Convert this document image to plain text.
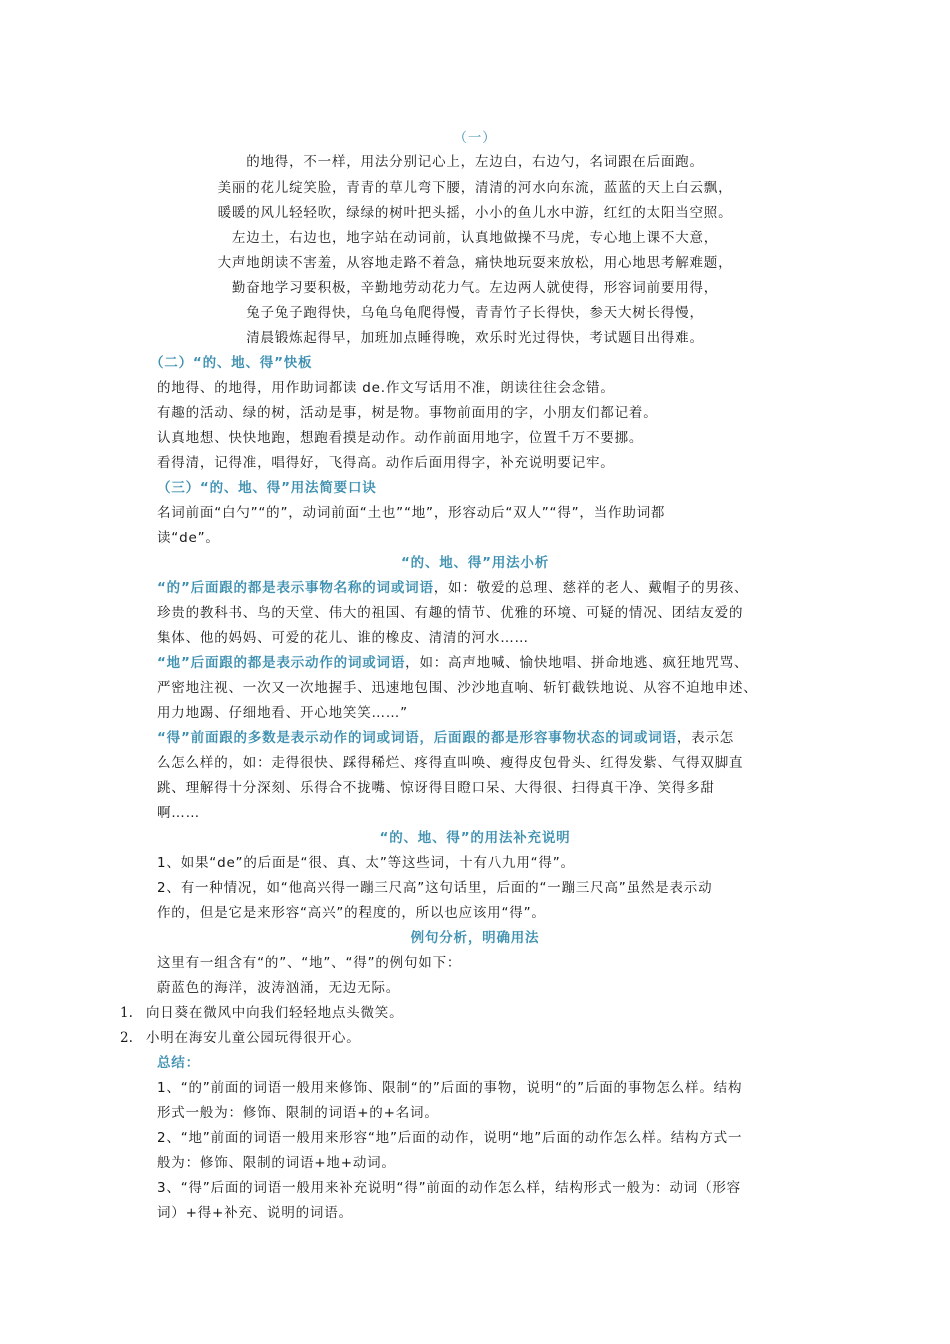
（一）
的地得，不一样，用法分别记心上，左边白，右边勺，名词跟在后面跑。
美丽的花儿绽笑脸，青青的草儿弯下腰，清清的河水向东流，蓝蓝的天上白云飘，
暖暖的风儿轻轻吹，绿绿的树叶把头摇，小小的鱼儿水中游，红红的太阳当空照。
左边土，右边也，地字站在动词前，认真地做操不马虎，专心地上课不大意，
大声地朗读不害羞，从容地走路不着急，痛快地玩耍来放松，用心地思考解难题，
勤奋地学习要积极，辛勤地劳动花力气。左边两人就使得，形容词前要用得，
兔子兔子跑得快，乌龟乌龟爬得慢，青青竹子长得快，参天大树长得慢，
清晨锻炼起得早，加班加点睡得晚，欢乐时光过得快，考试题目出得难。
（二）“的、地、得”快板
的地得、的地得，用作助词都读 de.作文写话用不准，朗读往往会念错。
有趣的活动、绿的树，活动是事，树是物。事物前面用的字，小朋友们都记着。
认真地想、快快地跑，想跑看摸是动作。动作前面用地字，位置千万不要挪。
看得清，记得准，唱得好，飞得高。动作后面用得字，补充说明要记牢。
（三）“的、地、得”用法简要口诀
名词前面“白勺”“的”，动词前面“土也”“地”，形容动后“双人”“得”，当作助词都
读“de”。
“的、地、得”用法小析
“的”后面跟的都是表示事物名称的词或词语，如：敬爱的总理、慈祥的老人、戴帽子的男孩、
珍贵的教科书、鸟的天堂、伟大的祖国、有趣的情节、优雅的环境、可疑的情况、团结友爱的
集体、他的妈妈、可爱的花儿、谁的橡皮、清清的河水……
“地”后面跟的都是表示动作的词或词语，如：高声地喊、愉快地唱、拼命地逃、疯狂地咒骂、
严密地注视、一次又一次地握手、迅速地包围、沙沙地直响、斩钉截铁地说、从容不迫地申述、
用力地踢、仔细地看、开心地笑笑……”
“得”前面跟的多数是表示动作的词或词语，后面跟的都是形容事物状态的词或词语，表示怎
么怎么样的，如：走得很快、踩得稀烂、疼得直叫唤、瘦得皮包骨头、红得发紫、气得双脚直
跳、理解得十分深刻、乐得合不拢嘴、惊讶得目瞪口呆、大得很、扫得真干净、笑得多甜
啊……
“的、地、得”的用法补充说明
1、如果“de”的后面是“很、真、太”等这些词，十有八九用“得”。
2、有一种情况，如“他高兴得一蹦三尺高”这句话里，后面的“一蹦三尺高”虽然是表示动
作的，但是它是来形容“高兴”的程度的，所以也应该用“得”。
例句分析，明确用法
这里有一组含有“的”、“地”、“得”的例句如下：
蔚蓝色的海洋，波涛汹涌，无边无际。
1. 向日葵在微风中向我们轻轻地点头微笑。
2. 小明在海安儿童公园玩得很开心。
总结：
1、“的”前面的词语一般用来修饰、限制“的”后面的事物，说明“的”后面的事物怎么样。结构
形式一般为：修饰、限制的词语+的+名词。
2、“地”前面的词语一般用来形容“地”后面的动作，说明“地”后面的动作怎么样。结构方式一
般为：修饰、限制的词语+地+动词。
3、“得”后面的词语一般用来补充说明“得”前面的动作怎么样，结构形式一般为：动词（形容
词）+得+补充、说明的词语。
